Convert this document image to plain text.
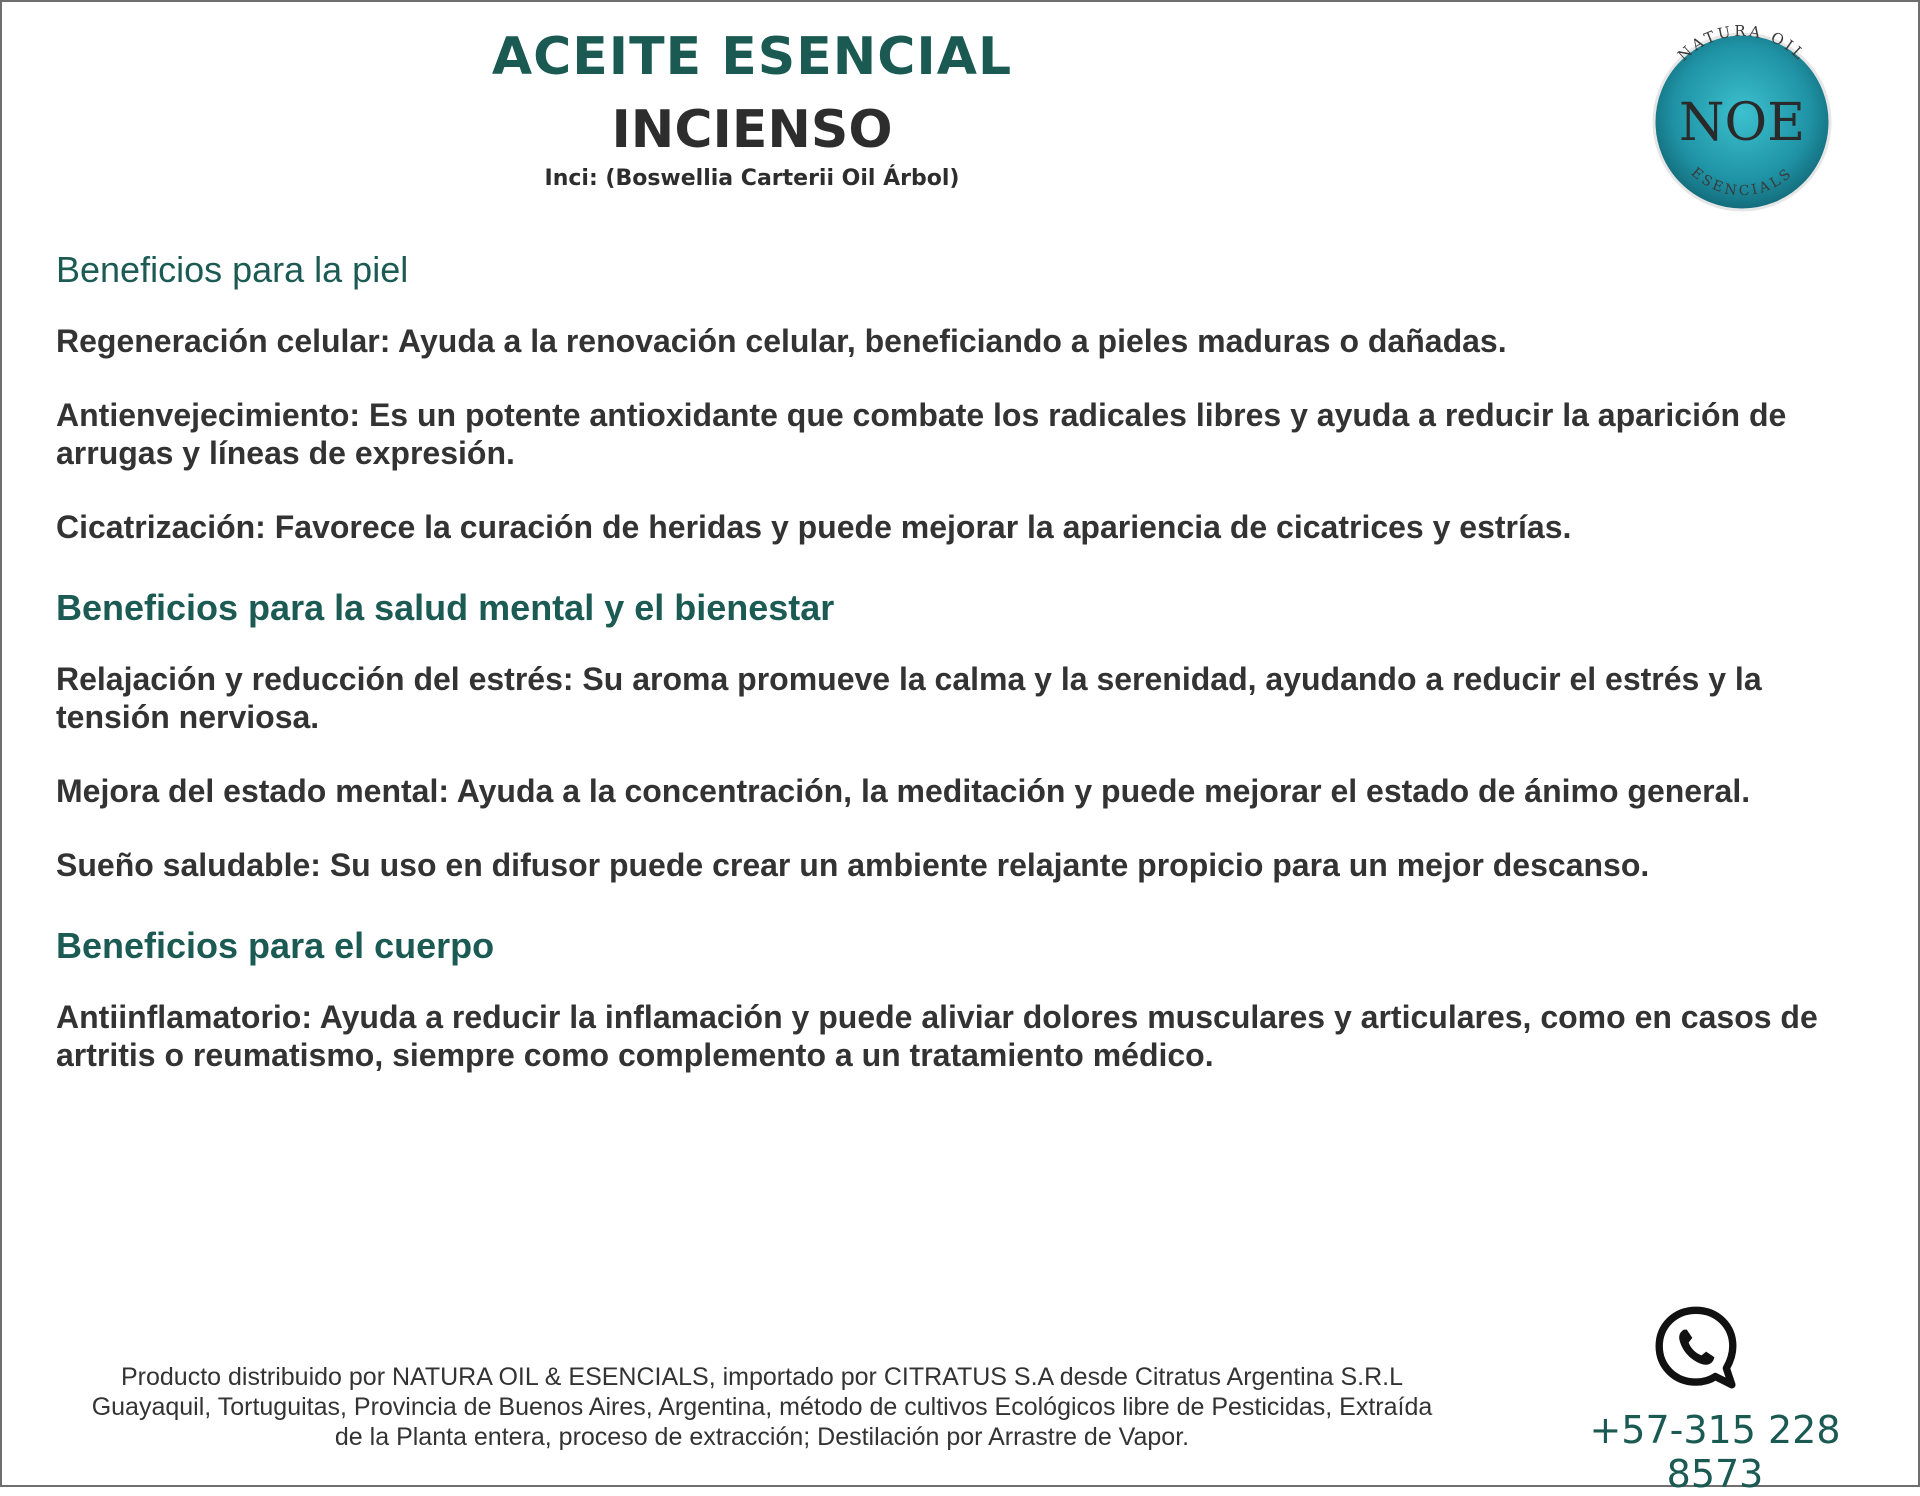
ACEITE ESENCIAL
INCIENSO

Inci: (Boswellia Carterii Oil Árbol)

NATURA OIL
NOE
ESENCIALS
Beneficios para la piel

Regeneración celular: Ayuda a la renovación celular, beneficiando a pieles maduras o dañadas.

Antienvejecimiento: Es un potente antioxidante que combate los radicales libres y ayuda a reducir la aparición de arrugas y líneas de expresión.

Cicatrización: Favorece la curación de heridas y puede mejorar la apariencia de cicatrices y estrías.

Beneficios para la salud mental y el bienestar

Relajación y reducción del estrés: Su aroma promueve la calma y la serenidad, ayudando a reducir el estrés y la tensión nerviosa.

Mejora del estado mental: Ayuda a la concentración, la meditación y puede mejorar el estado de ánimo general.

Sueño saludable: Su uso en difusor puede crear un ambiente relajante propicio para un mejor descanso.

Beneficios para el cuerpo

Antiinflamatorio: Ayuda a reducir la inflamación y puede aliviar dolores musculares y articulares, como en casos de artritis o reumatismo, siempre como complemento a un tratamiento médico.

Producto distribuido por NATURA OIL & ESENCIALS, importado por CITRATUS S.A desde Citratus Argentina S.R.L

Guayaquil, Tortuguitas, Provincia de Buenos Aires, Argentina, método de cultivos Ecológicos libre de Pesticidas, Extraída

de la Planta entera, proceso de extracción; Destilación por Arrastre de Vapor.	+57-315 228 8573
